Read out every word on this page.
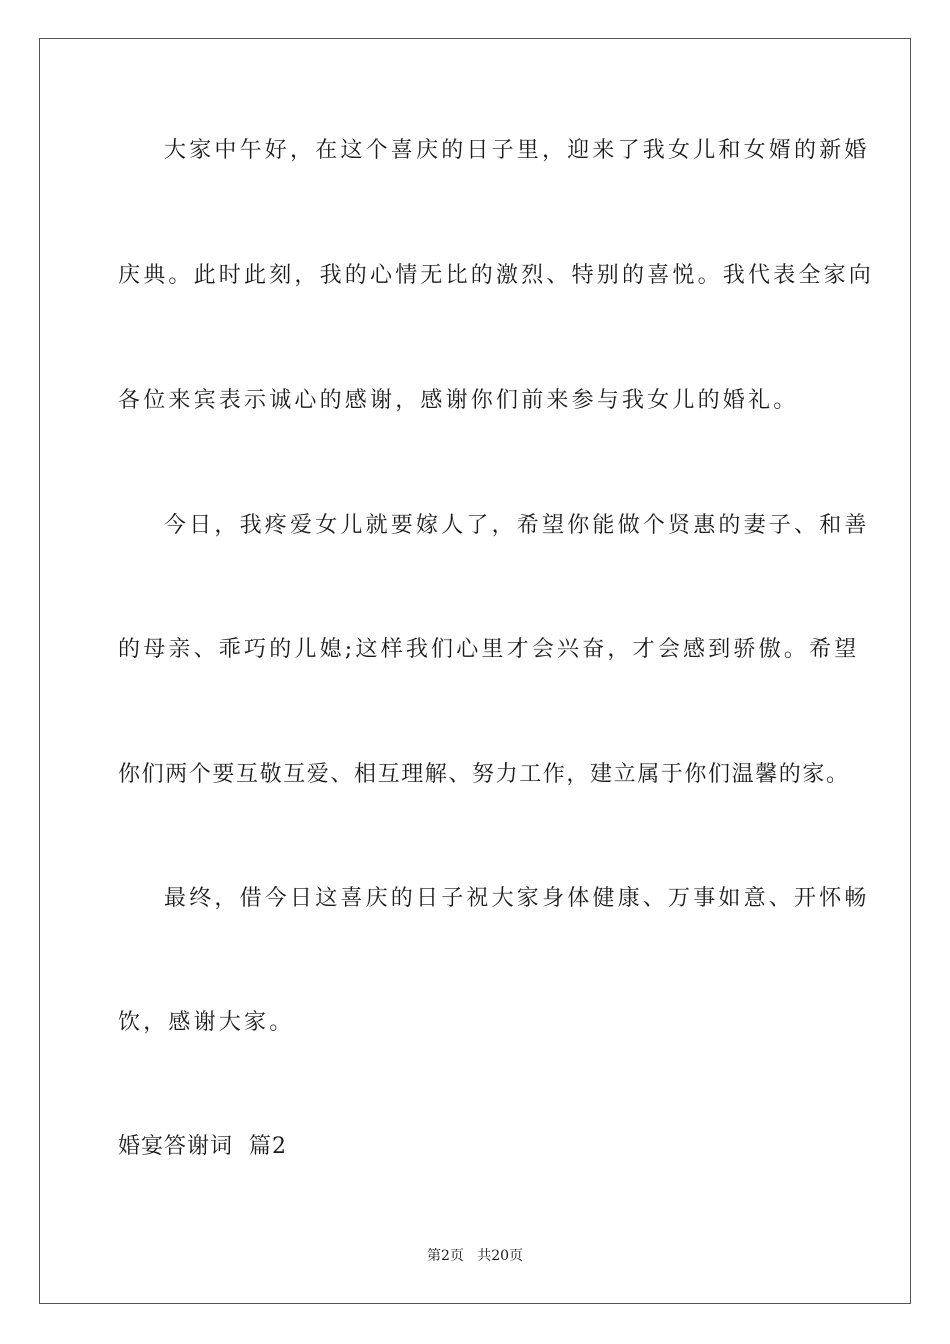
大家中午好，在这个喜庆的日子里，迎来了我女儿和女婿的新婚
庆典。此时此刻，我的心情无比的激烈、特别的喜悦。我代表全家向
各位来宾表示诚心的感谢，感谢你们前来参与我女儿的婚礼。
今日，我疼爱女儿就要嫁人了，希望你能做个贤惠的妻子、和善
的母亲、乖巧的儿媳;这样我们心里才会兴奋，才会感到骄傲。希望
你们两个要互敬互爱、相互理解、努力工作，建立属于你们温馨的家。
最终，借今日这喜庆的日子祝大家身体健康、万事如意、开怀畅
饮，感谢大家。
婚宴答谢词  篇2
第2页   共20页
